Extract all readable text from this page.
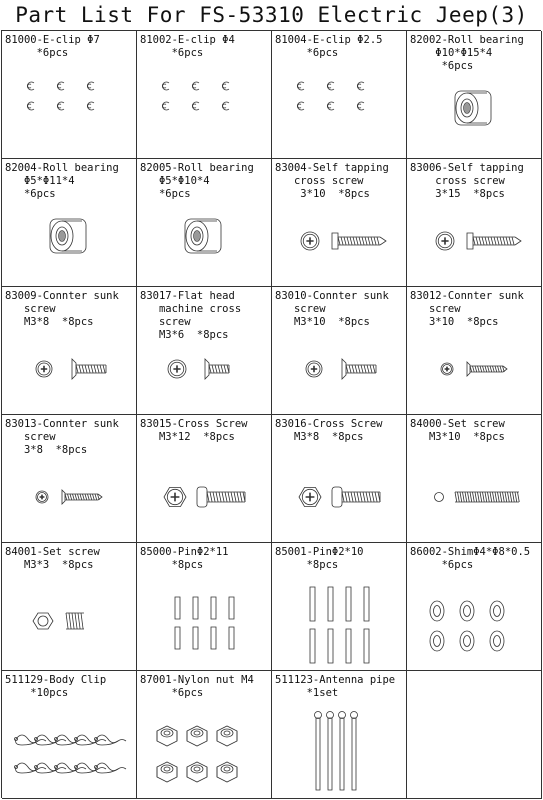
Part List For FS-53310 Electric Jeep(3)
81000-E-clip Φ7
*6pcs
81002-E-clip Φ4
*6pcs
81004-E-clip Φ2.5
*6pcs
82002-Roll bearing
Φ10*Φ15*4
*6pcs
82004-Roll bearing
Φ5*Φ11*4
*6pcs
82005-Roll bearing
Φ5*Φ10*4
*6pcs
83004-Self tapping
cross screw
3*10  *8pcs
83006-Self tapping
cross screw
3*15  *8pcs
83009-Connter sunk
screw
M3*8  *8pcs
83017-Flat head
machine cross
screw
M3*6  *8pcs
83010-Connter sunk
screw
M3*10  *8pcs
83012-Connter sunk
screw
3*10  *8pcs
83013-Connter sunk
screw
3*8  *8pcs
83015-Cross Screw
M3*12  *8pcs
83016-Cross Screw
M3*8  *8pcs
84000-Set screw
M3*10  *8pcs
84001-Set screw
M3*3  *8pcs
85000-PinΦ2*11
*8pcs
85001-PinΦ2*10
*8pcs
86002-ShimΦ4*Φ8*0.5
*6pcs
511129-Body Clip
*10pcs
87001-Nylon nut M4
*6pcs
511123-Antenna pipe
*1set
